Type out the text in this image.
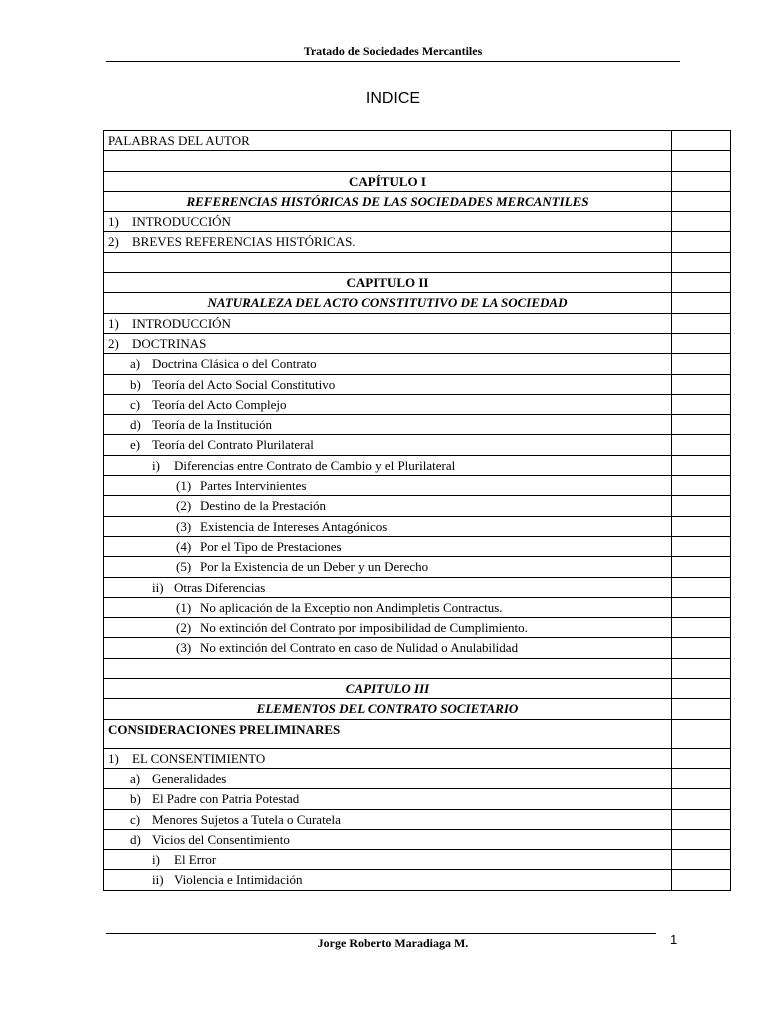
Tratado de Sociedades Mercantiles
INDICE
PALABRAS DEL AUTOR	

CAPÍTULO I	
REFERENCIAS HISTÓRICAS DE LAS SOCIEDADES MERCANTILES	
1) INTRODUCCIÓN	
2) BREVES REFERENCIAS HISTÓRICAS.	

CAPITULO II	
NATURALEZA DEL ACTO CONSTITUTIVO DE LA SOCIEDAD	
1) INTRODUCCIÓN	
2) DOCTRINAS	
a) Doctrina Clásica o del Contrato	
b) Teoría del Acto Social Constitutivo	
c) Teoría del Acto Complejo	
d) Teoría de la Institución	
e) Teoría del Contrato Plurilateral	
i) Diferencias entre Contrato de Cambio y el Plurilateral	
(1) Partes Intervinientes	
(2) Destino de la Prestación	
(3) Existencia de Intereses Antagónicos	
(4) Por el Tipo de Prestaciones	
(5) Por la Existencia de un Deber y un Derecho	
ii) Otras Diferencias	
(1) No aplicación de la Exceptio non Andimpletis Contractus.	
(2) No extinción del Contrato por imposibilidad de Cumplimiento.	
(3) No extinción del Contrato en caso de Nulidad o Anulabilidad	

CAPITULO III	
ELEMENTOS DEL CONTRATO SOCIETARIO	
CONSIDERACIONES PRELIMINARES	
1) EL CONSENTIMIENTO	
a) Generalidades	
b) El Padre con Patria Potestad	
c) Menores Sujetos a Tutela o Curatela	
d) Vicios del Consentimiento	
i) El Error	
ii) Violencia e Intimidación	
Jorge Roberto Maradiaga M.	1
